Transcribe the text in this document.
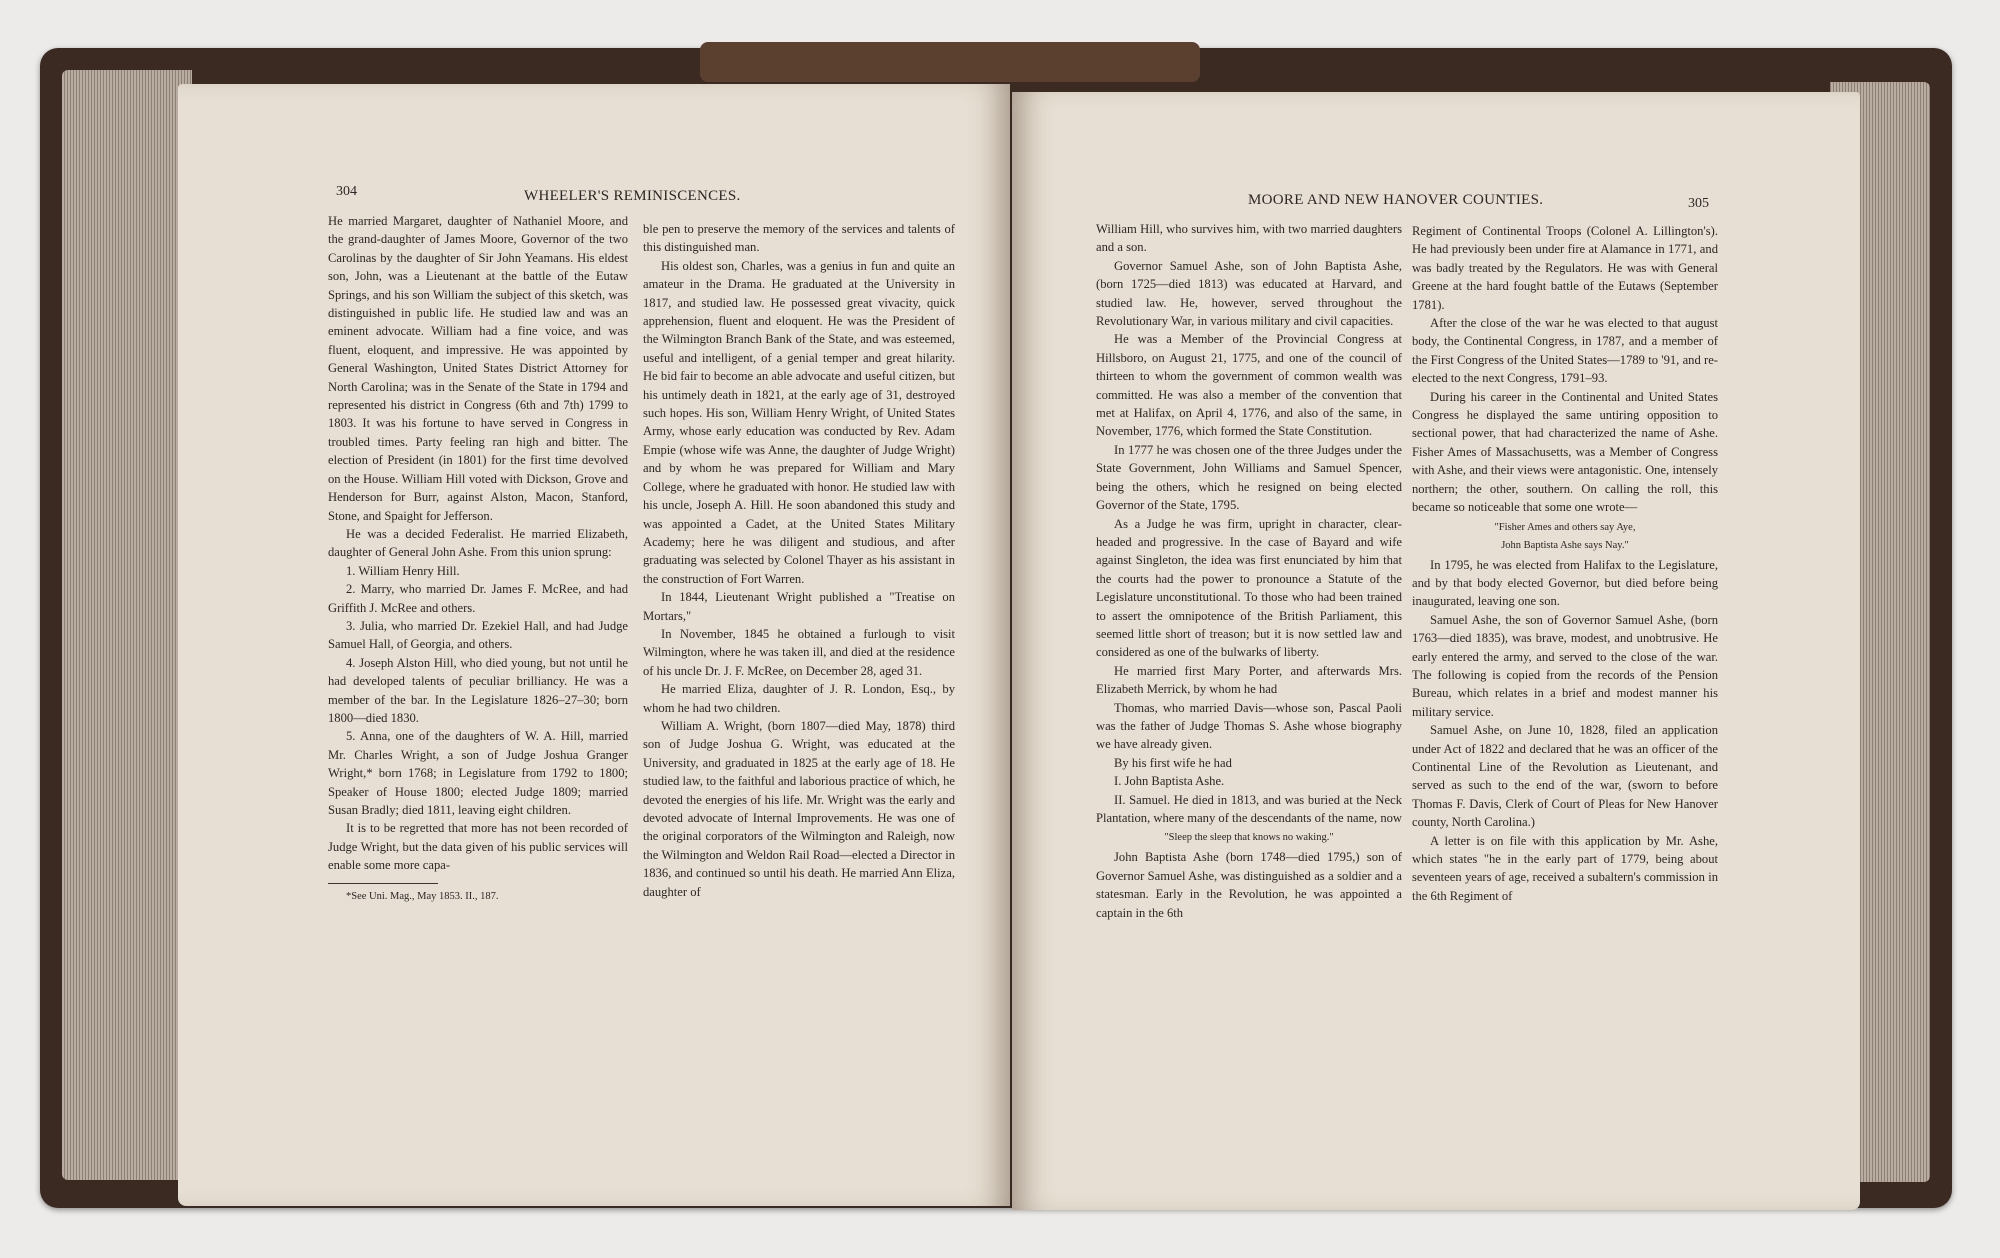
304	WHEELER'S REMINISCENCES.

He married Margaret, daughter of Nathaniel Moore, and the grand-daughter of James Moore, Governor of the two Carolinas by the daughter of Sir John Yeamans. His eldest son, John, was a Lieutenant at the battle of the Eutaw Springs, and his son William the subject of this sketch, was distinguished in public life. He studied law and was an eminent advocate. William had a fine voice, and was fluent, eloquent, and impressive. He was appointed by General Washington, United States District Attorney for North Carolina; was in the Senate of the State in 1794 and represented his district in Congress (6th and 7th) 1799 to 1803. It was his fortune to have served in Congress in troubled times. Party feeling ran high and bitter. The election of President (in 1801) for the first time devolved on the House. William Hill voted with Dickson, Grove and Henderson for Burr, against Alston, Macon, Stanford, Stone, and Spaight for Jefferson.

He was a decided Federalist. He married Elizabeth, daughter of General John Ashe. From this union sprung:

1. William Henry Hill.

2. Marry, who married Dr. James F. McRee, and had Griffith J. McRee and others.

3. Julia, who married Dr. Ezekiel Hall, and had Judge Samuel Hall, of Georgia, and others.

4. Joseph Alston Hill, who died young, but not until he had developed talents of peculiar brilliancy. He was a member of the bar. In the Legislature 1826–27–30; born 1800—died 1830.

5. Anna, one of the daughters of W. A. Hill, married Mr. Charles Wright, a son of Judge Joshua Granger Wright,* born 1768; in Legislature from 1792 to 1800; Speaker of House 1800; elected Judge 1809; married Susan Bradly; died 1811, leaving eight children.

It is to be regretted that more has not been recorded of Judge Wright, but the data given of his public services will enable some more capa-

*See Uni. Mag., May 1853. II., 187.

ble pen to preserve the memory of the services and talents of this distinguished man.

His oldest son, Charles, was a genius in fun and quite an amateur in the Drama. He graduated at the University in 1817, and studied law. He possessed great vivacity, quick apprehension, fluent and eloquent. He was the President of the Wilmington Branch Bank of the State, and was esteemed, useful and intelligent, of a genial temper and great hilarity. He bid fair to become an able advocate and useful citizen, but his untimely death in 1821, at the early age of 31, destroyed such hopes. His son, William Henry Wright, of United States Army, whose early education was conducted by Rev. Adam Empie (whose wife was Anne, the daughter of Judge Wright) and by whom he was prepared for William and Mary College, where he graduated with honor. He studied law with his uncle, Joseph A. Hill. He soon abandoned this study and was appointed a Cadet, at the United States Military Academy; here he was diligent and studious, and after graduating was selected by Colonel Thayer as his assistant in the construction of Fort Warren.

In 1844, Lieutenant Wright published a "Treatise on Mortars,"

In November, 1845 he obtained a furlough to visit Wilmington, where he was taken ill, and died at the residence of his uncle Dr. J. F. McRee, on December 28, aged 31.

He married Eliza, daughter of J. R. London, Esq., by whom he had two children.

William A. Wright, (born 1807—died May, 1878) third son of Judge Joshua G. Wright, was educated at the University, and graduated in 1825 at the early age of 18. He studied law, to the faithful and laborious practice of which, he devoted the energies of his life. Mr. Wright was the early and devoted advocate of Internal Improvements. He was one of the original corporators of the Wilmington and Raleigh, now the Wilmington and Weldon Rail Road—elected a Director in 1836, and continued so until his death. He married Ann Eliza, daughter of

MOORE AND NEW HANOVER COUNTIES.	305

William Hill, who survives him, with two married daughters and a son.

Governor Samuel Ashe, son of John Baptista Ashe, (born 1725—died 1813) was educated at Harvard, and studied law. He, however, served throughout the Revolutionary War, in various military and civil capacities.

He was a Member of the Provincial Congress at Hillsboro, on August 21, 1775, and one of the council of thirteen to whom the government of common wealth was committed. He was also a member of the convention that met at Halifax, on April 4, 1776, and also of the same, in November, 1776, which formed the State Constitution.

In 1777 he was chosen one of the three Judges under the State Government, John Williams and Samuel Spencer, being the others, which he resigned on being elected Governor of the State, 1795.

As a Judge he was firm, upright in character, clear-headed and progressive. In the case of Bayard and wife against Singleton, the idea was first enunciated by him that the courts had the power to pronounce a Statute of the Legislature unconstitutional. To those who had been trained to assert the omnipotence of the British Parliament, this seemed little short of treason; but it is now settled law and considered as one of the bulwarks of liberty.

He married first Mary Porter, and afterwards Mrs. Elizabeth Merrick, by whom he had

Thomas, who married Davis—whose son, Pascal Paoli was the father of Judge Thomas S. Ashe whose biography we have already given.

By his first wife he had

I. John Baptista Ashe.

II. Samuel. He died in 1813, and was buried at the Neck Plantation, where many of the descendants of the name, now

"Sleep the sleep that knows no waking."

John Baptista Ashe (born 1748—died 1795,) son of Governor Samuel Ashe, was distinguished as a soldier and a statesman. Early in the Revolution, he was appointed a captain in the 6th

Regiment of Continental Troops (Colonel A. Lillington's). He had previously been under fire at Alamance in 1771, and was badly treated by the Regulators. He was with General Greene at the hard fought battle of the Eutaws (September 1781).

After the close of the war he was elected to that august body, the Continental Congress, in 1787, and a member of the First Congress of the United States—1789 to '91, and re-elected to the next Congress, 1791–93.

During his career in the Continental and United States Congress he displayed the same untiring opposition to sectional power, that had characterized the name of Ashe. Fisher Ames of Massachusetts, was a Member of Congress with Ashe, and their views were antagonistic. One, intensely northern; the other, southern. On calling the roll, this became so noticeable that some one wrote—

"Fisher Ames and others say Aye,

John Baptista Ashe says Nay."

In 1795, he was elected from Halifax to the Legislature, and by that body elected Governor, but died before being inaugurated, leaving one son.

Samuel Ashe, the son of Governor Samuel Ashe, (born 1763—died 1835), was brave, modest, and unobtrusive. He early entered the army, and served to the close of the war. The following is copied from the records of the Pension Bureau, which relates in a brief and modest manner his military service.

Samuel Ashe, on June 10, 1828, filed an application under Act of 1822 and declared that he was an officer of the Continental Line of the Revolution as Lieutenant, and served as such to the end of the war, (sworn to before Thomas F. Davis, Clerk of Court of Pleas for New Hanover county, North Carolina.)

A letter is on file with this application by Mr. Ashe, which states "he in the early part of 1779, being about seventeen years of age, received a subaltern's commission in the 6th Regiment of
